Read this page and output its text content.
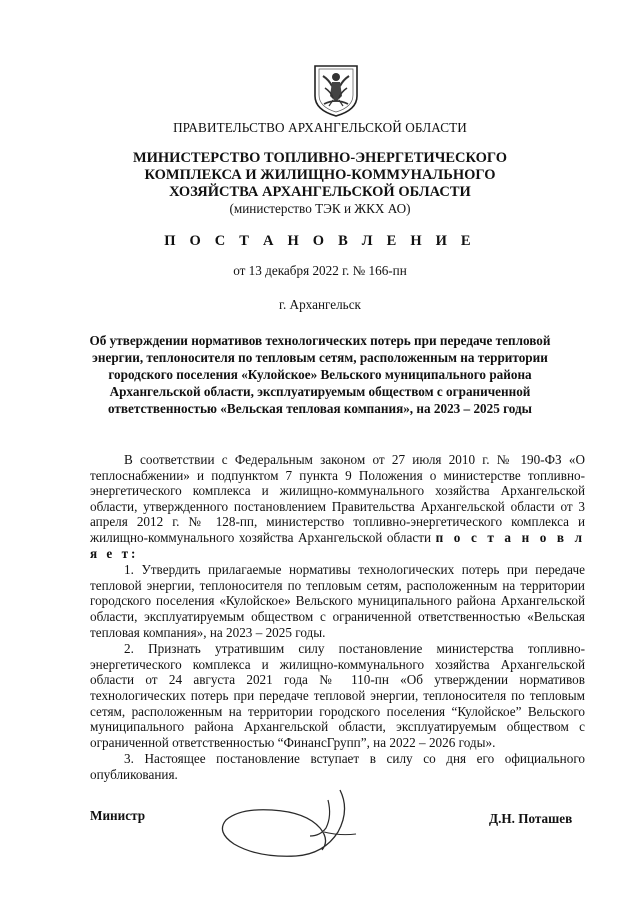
ПРАВИТЕЛЬСТВО АРХАНГЕЛЬСКОЙ ОБЛАСТИ
МИНИСТЕРСТВО ТОПЛИВНО-ЭНЕРГЕТИЧЕСКОГО
КОМПЛЕКСА И ЖИЛИЩНО-КОММУНАЛЬНОГО
ХОЗЯЙСТВА АРХАНГЕЛЬСКОЙ ОБЛАСТИ
(министерство ТЭК и ЖКХ АО)
П О С Т А Н О В Л Е Н И Е
от 13 декабря 2022 г. № 166-пн
г. Архангельск
Об утверждении нормативов технологических потерь при передаче тепловой
энергии, теплоносителя по тепловым сетям, расположенным на территории
городского поселения «Кулойское» Вельского муниципального района
Архангельской области, эксплуатируемым обществом с ограниченной
ответственностью «Вельская тепловая компания», на 2023 – 2025 годы

В соответствии с Федеральным законом от 27 июля 2010 г. № 190-ФЗ «О теплоснабжении» и подпунктом 7 пункта 9 Положения о министерстве топливно-энергетического комплекса и жилищно-коммунального хозяйства Архангельской области, утвержденного постановлением Правительства Архангельской области от 3 апреля 2012 г. № 128-пп, министерство топливно-энергетического комплекса и жилищно-коммунального хозяйства Архангельской области п о с т а н о в л я е т:

1. Утвердить прилагаемые нормативы технологических потерь при передаче тепловой энергии, теплоносителя по тепловым сетям, расположенным на территории городского поселения «Кулойское» Вельского муниципального района Архангельской области, эксплуатируемым обществом с ограниченной ответственностью «Вельская тепловая компания», на 2023 – 2025 годы.

2. Признать утратившим силу постановление министерства топливно-энергетического комплекса и жилищно-коммунального хозяйства Архангельской области от 24 августа 2021 года № 110-пн «Об утверждении нормативов технологических потерь при передаче тепловой энергии, теплоносителя по тепловым сетям, расположенным на территории городского поселения “Кулойское” Вельского муниципального района Архангельской области, эксплуатируемым обществом с ограниченной ответственностью “ФинансГрупп”, на 2022 – 2026 годы».

3. Настоящее постановление вступает в силу со дня его официального опубликования.

Министр	Д.Н. Поташев
